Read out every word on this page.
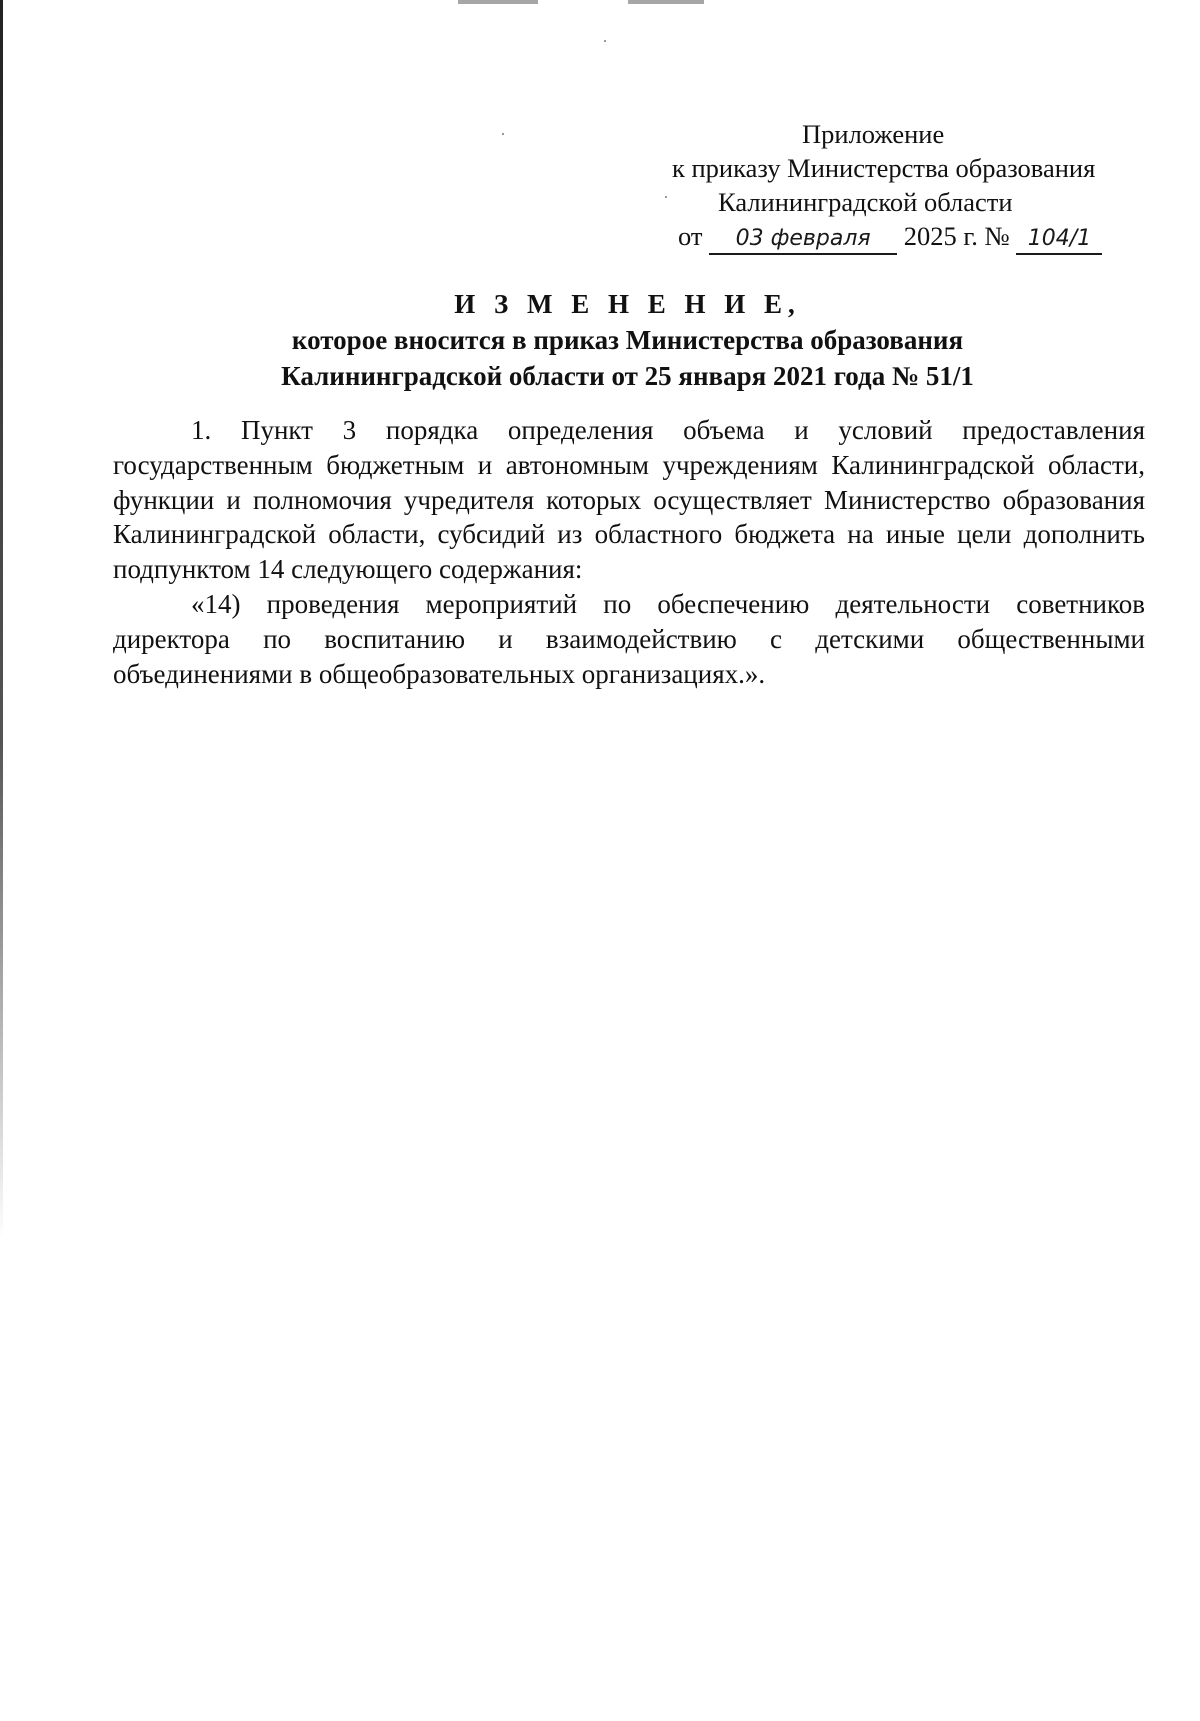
Приложение
к приказу Министерства образования
Калининградской области
от 03 февраля 2025 г. № 104/1
И З М Е Н Е Н И Е,
которое вносится в приказ Министерства образования
Калининградской области от 25 января 2021 года № 51/1

1. Пункт 3 порядка определения объема и условий предоставления государственным бюджетным и автономным учреждениям Калининградской области, функции и полномочия учредителя которых осуществляет Министерство образования Калининградской области, субсидий из областного бюджета на иные цели дополнить подпунктом 14 следующего содержания:

«14) проведения мероприятий по обеспечению деятельности советников директора по воспитанию и взаимодействию с детскими общественными объединениями в общеобразовательных организациях.».
